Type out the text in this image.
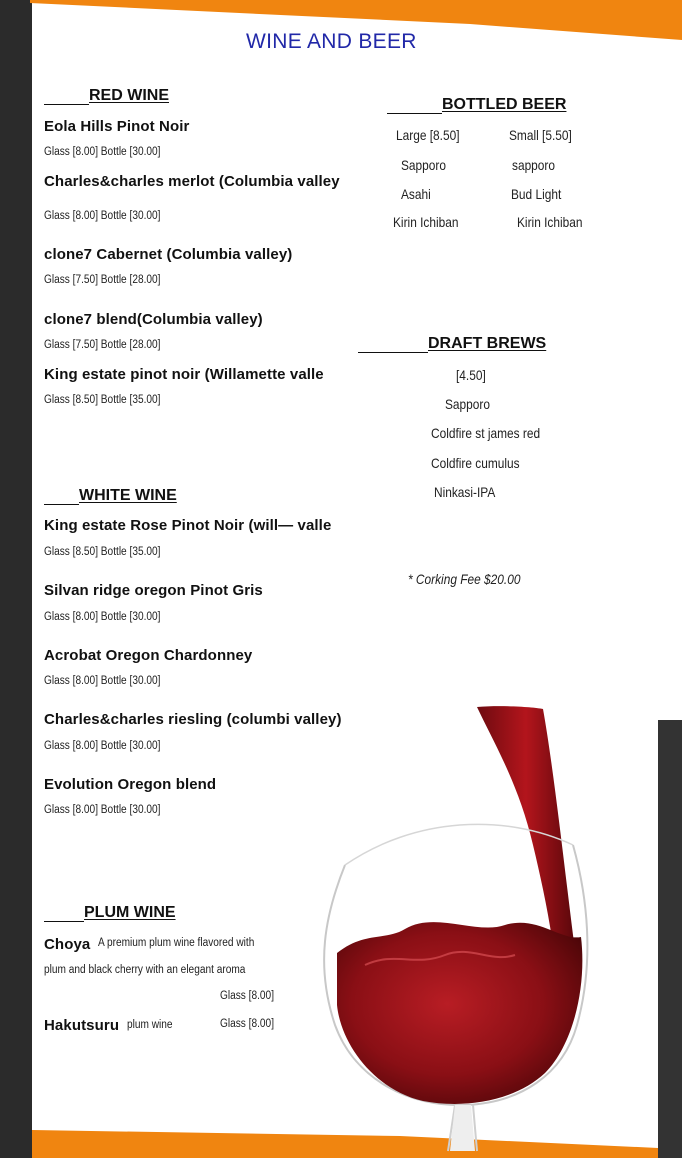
WINE AND BEER
RED WINE
Eola Hills Pinot Noir
Glass [8.00] Bottle [30.00]
Charles&charles merlot (Columbia valley
Glass [8.00] Bottle [30.00]
clone7 Cabernet (Columbia valley)
Glass [7.50] Bottle [28.00]
clone7 blend(Columbia valley)
Glass [7.50] Bottle [28.00]
King estate pinot noir (Willamette valle
Glass [8.50] Bottle [35.00]
WHITE WINE
King estate Rose Pinot Noir (will— valle
Glass [8.50] Bottle [35.00]
Silvan ridge oregon Pinot Gris
Glass [8.00] Bottle [30.00]
Acrobat Oregon Chardonney
Glass [8.00] Bottle [30.00]
Charles&charles riesling (columbi valley)
Glass [8.00] Bottle [30.00]
Evolution Oregon blend
Glass [8.00] Bottle [30.00]
PLUM WINE
Choya A premium plum wine flavored with
plum and black cherry with an elegant aroma
Glass [8.00]
Hakutsuru plum wine	Glass [8.00]
BOTTLED BEER
Large [8.50]	Small [5.50]
Sapporo	sapporo
Asahi	Bud Light
Kirin Ichiban	Kirin Ichiban
DRAFT BREWS
[4.50]
Sapporo
Coldfire st james red
Coldfire cumulus
Ninkasi-IPA
* Corking Fee $20.00
